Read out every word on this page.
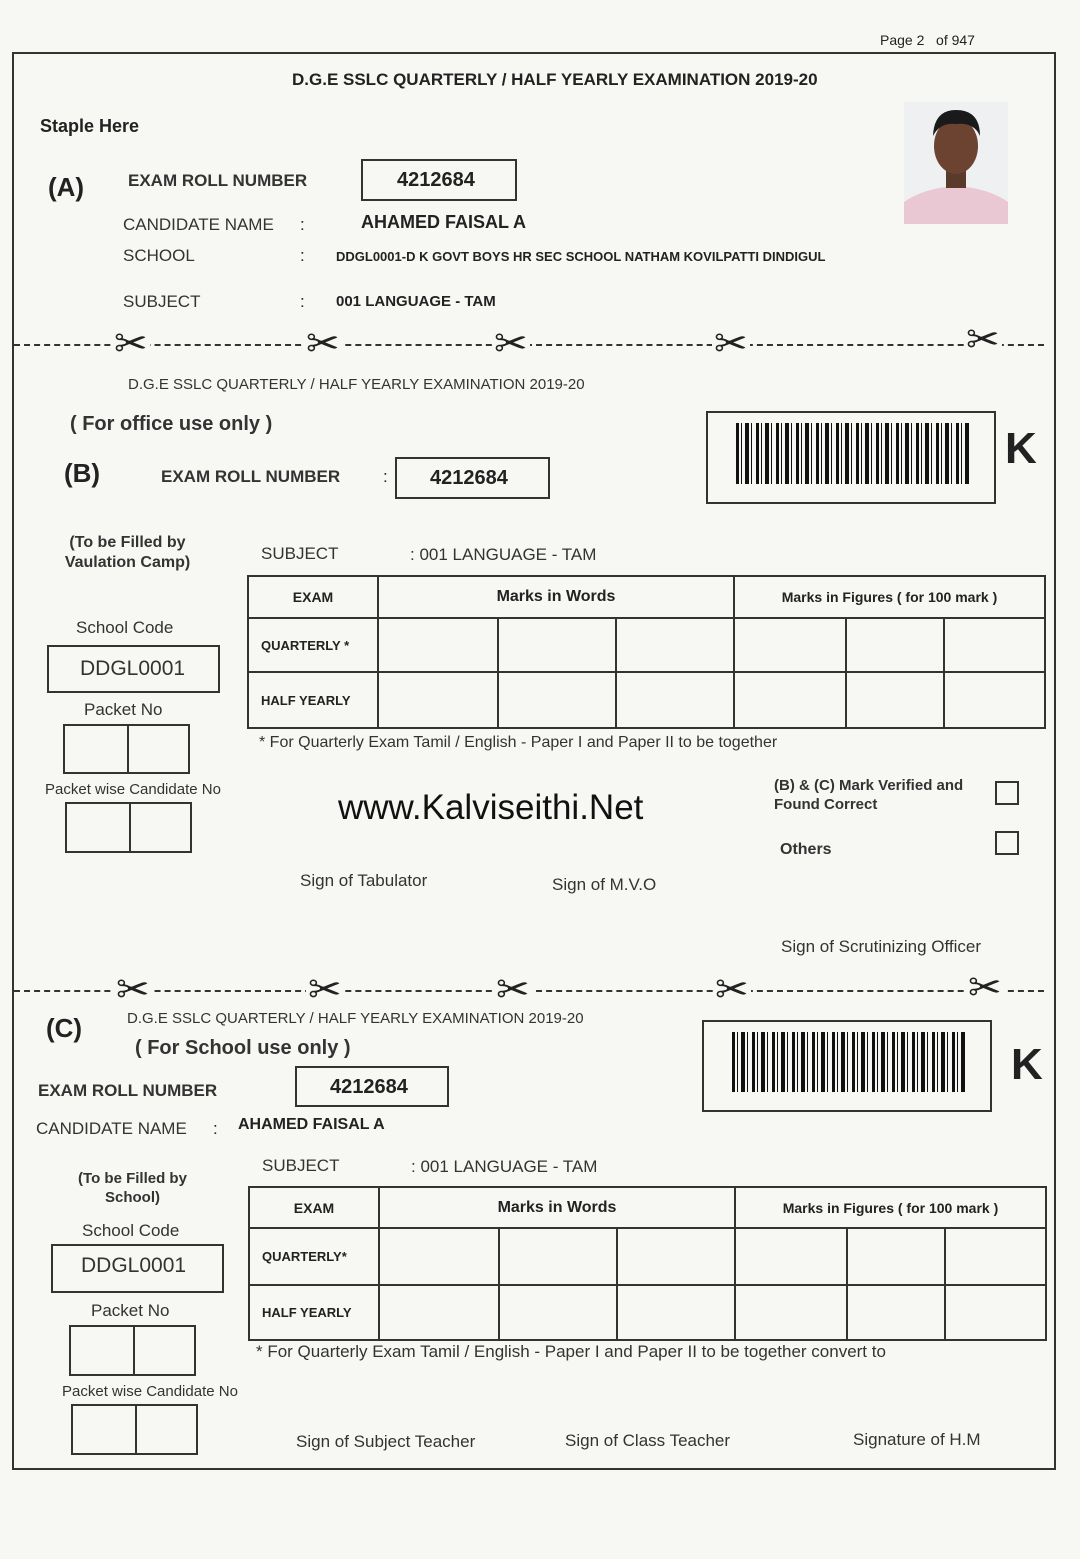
Page 2 of 947
D.G.E SSLC QUARTERLY / HALF YEARLY EXAMINATION 2019-20
Staple Here
(A)	EXAM ROLL NUMBER	4212684
CANDIDATE NAME :	AHAMED FAISAL A
SCHOOL	: DDGL0001-D K GOVT BOYS HR SEC SCHOOL NATHAM KOVILPATTI DINDIGUL
SUBJECT	: 001 LANGUAGE - TAM
✂	✂	✂	✂	✂
D.G.E SSLC QUARTERLY / HALF YEARLY EXAMINATION 2019-20
( For office use only )	K
(B)	EXAM ROLL NUMBER	: 4212684
(To be Filled by
Vaulation Camp)	SUBJECT	: 001 LANGUAGE - TAM
EXAM	Marks in Words			Marks in Figures ( for 100 mark )		
QUARTERLY *						
HALF YEARLY						
School Code
DDGL0001
Packet No
* For Quarterly Exam Tamil / English - Paper I and Paper II to be together
Packet wise Candidate No	www.Kalviseithi.Net
(B) & (C) Mark Verified and
Found Correct
Others
Sign of Tabulator	Sign of M.V.O
Sign of Scrutinizing Officer
✂	✂	✂	✂	✂
(C)	D.G.E SSLC QUARTERLY / HALF YEARLY EXAMINATION 2019-20
( For School use only )	K
EXAM ROLL NUMBER	4212684
CANDIDATE NAME : AHAMED FAISAL A
(To be Filled by
School)
SUBJECT	: 001 LANGUAGE - TAM
EXAM	Marks in Words			Marks in Figures ( for 100 mark )		
QUARTERLY*						
HALF YEARLY						
School Code
DDGL0001
Packet No
* For Quarterly Exam Tamil / English - Paper I and Paper II to be together convert to
Packet wise Candidate No
Sign of Subject Teacher	Sign of Class Teacher	Signature of H.M
